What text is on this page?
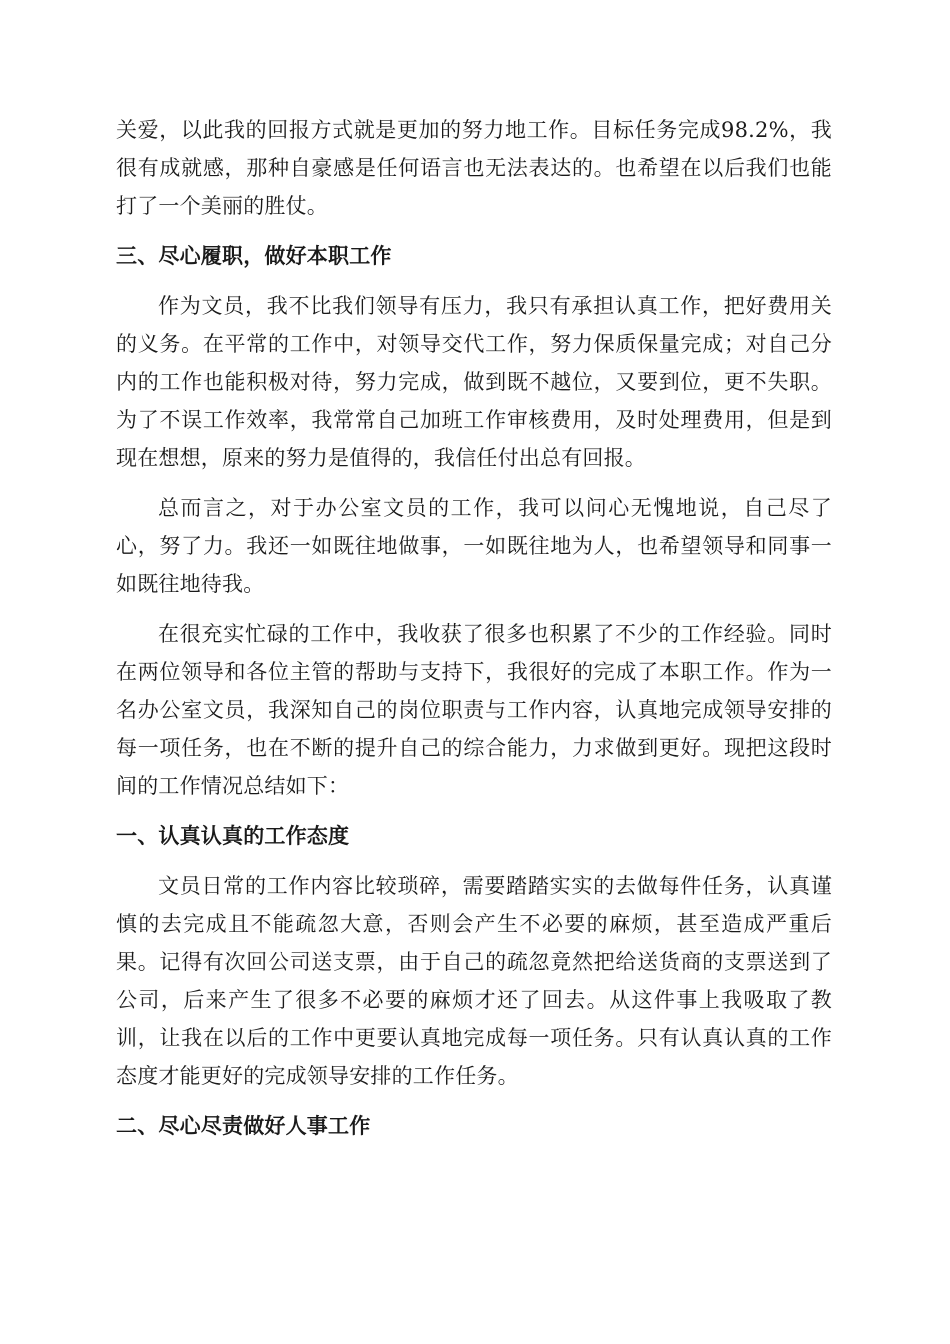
关爱，以此我的回报方式就是更加的努力地工作。目标任务完成98.2%，我很有成就感，那种自豪感是任何语言也无法表达的。也希望在以后我们也能打了一个美丽的胜仗。

三、尽心履职，做好本职工作

作为文员，我不比我们领导有压力，我只有承担认真工作，把好费用关的义务。在平常的工作中，对领导交代工作，努力保质保量完成；对自己分内的工作也能积极对待，努力完成，做到既不越位，又要到位，更不失职。为了不误工作效率，我常常自己加班工作审核费用，及时处理费用，但是到现在想想，原来的努力是值得的，我信任付出总有回报。

总而言之，对于办公室文员的工作，我可以问心无愧地说，自己尽了心，努了力。我还一如既往地做事，一如既往地为人，也希望领导和同事一如既往地待我。

在很充实忙碌的工作中，我收获了很多也积累了不少的工作经验。同时在两位领导和各位主管的帮助与支持下，我很好的完成了本职工作。作为一名办公室文员，我深知自己的岗位职责与工作内容，认真地完成领导安排的每一项任务，也在不断的提升自己的综合能力，力求做到更好。现把这段时间的工作情况总结如下：

一、认真认真的工作态度

文员日常的工作内容比较琐碎，需要踏踏实实的去做每件任务，认真谨慎的去完成且不能疏忽大意，否则会产生不必要的麻烦，甚至造成严重后果。记得有次回公司送支票，由于自己的疏忽竟然把给送货商的支票送到了公司，后来产生了很多不必要的麻烦才还了回去。从这件事上我吸取了教训，让我在以后的工作中更要认真地完成每一项任务。只有认真认真的工作态度才能更好的完成领导安排的工作任务。

二、尽心尽责做好人事工作
